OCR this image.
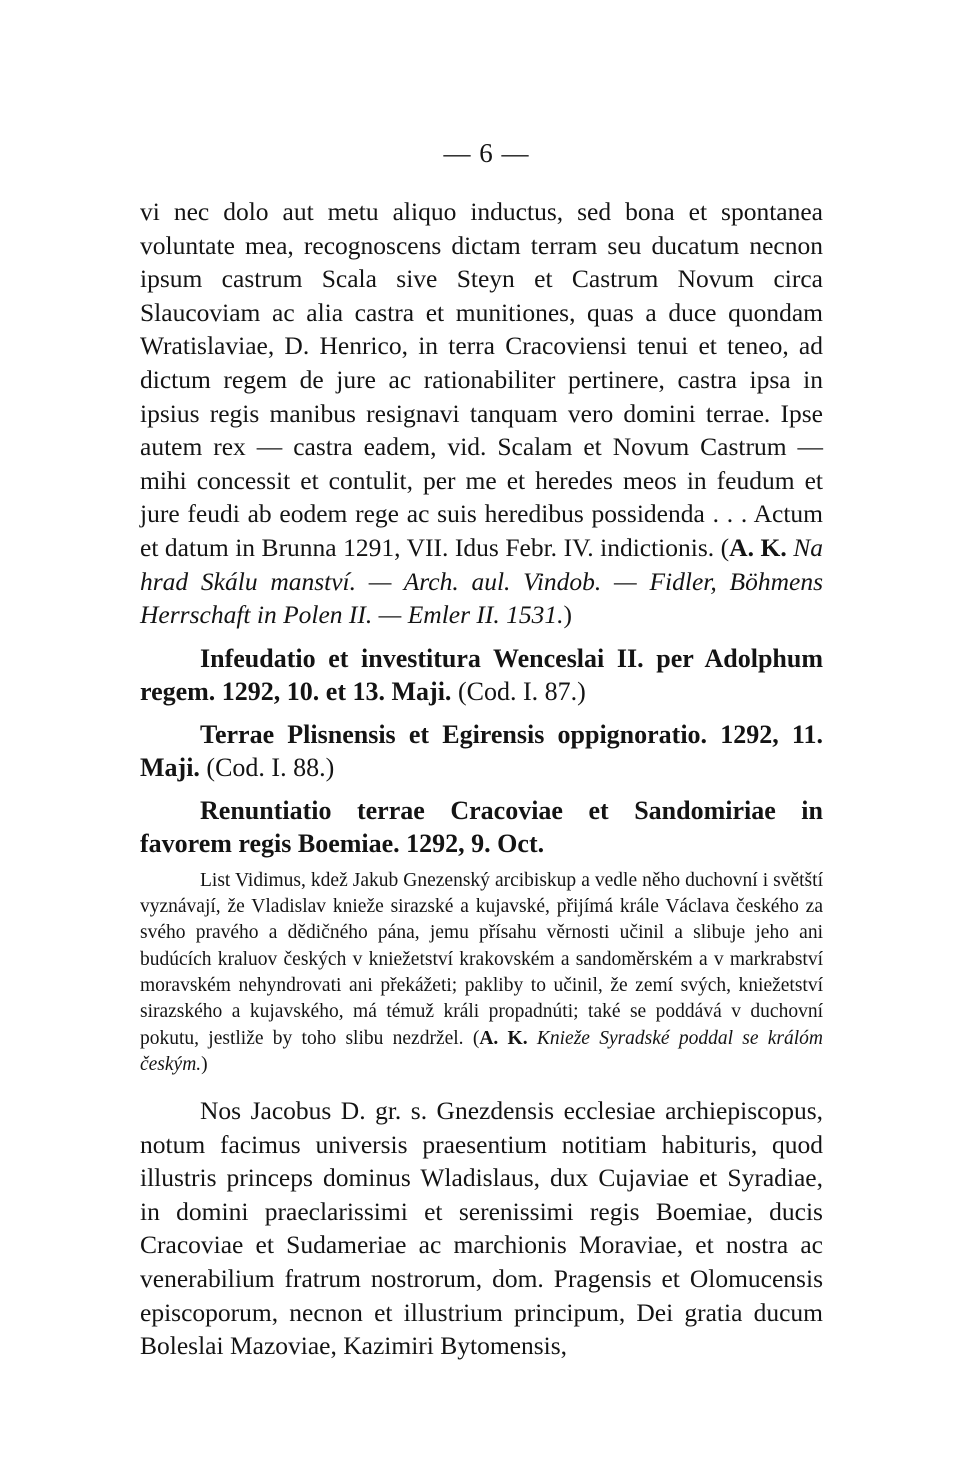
— 6 —

vi nec dolo aut metu aliquo inductus, sed bona et spontanea voluntate mea, recognoscens dictam terram seu ducatum necnon ipsum castrum Scala sive Steyn et Castrum Novum circa Slaucoviam ac alia castra et munitiones, quas a duce quondam Wratislaviae, D. Henrico, in terra Cracoviensi tenui et teneo, ad dictum regem de jure ac rationabiliter pertinere, castra ipsa in ipsius regis manibus resignavi tanquam vero domini terrae. Ipse autem rex — castra eadem, vid. Scalam et Novum Castrum — mihi concessit et contulit, per me et heredes meos in feudum et jure feudi ab eodem rege ac suis heredibus possidenda . . . Actum et datum in Brunna 1291, VII. Idus Febr. IV. indictionis. (A. K. Na hrad Skálu manství. — Arch. aul. Vindob. — Fidler, Böhmens Herrschaft in Polen II. — Emler II. 1531.)

Infeudatio et investitura Wenceslai II. per Adolphum regem. 1292, 10. et 13. Maji. (Cod. I. 87.)

Terrae Plisnensis et Egirensis oppignoratio. 1292, 11. Maji. (Cod. I. 88.)

Renuntiatio terrae Cracoviae et Sandomiriae in favorem regis Boemiae. 1292, 9. Oct.

List Vidimus, kdež Jakub Gnezenský arcibiskup a vedle něho duchovní i světští vyznávají, že Vladislav knieže sirazské a kujavské, přijímá krále Václava českého za svého pravého a dědičného pána, jemu přísahu věrnosti učinil a slibuje jeho ani budúcích kraluov českých v kniežetství krakovském a sandoměrském a v markrabství moravském nehyndrovati ani překážeti; pakliby to učinil, že zemí svých, kniežetství sirazského a kujavského, má témuž králi propadnúti; také se poddává v duchovní pokutu, jestliže by toho slibu nezdržel. (A. K. Knieže Syradské poddal se králóm českým.)

Nos Jacobus D. gr. s. Gnezdensis ecclesiae archiepiscopus, notum facimus universis praesentium notitiam habituris, quod illustris princeps dominus Wladislaus, dux Cujaviae et Syradiae, in domini praeclarissimi et serenissimi regis Boemiae, ducis Cracoviae et Sudameriae ac marchionis Moraviae, et nostra ac venerabilium fratrum nostrorum, dom. Pragensis et Olomucensis episcoporum, necnon et illustrium principum, Dei gratia ducum Boleslai Mazoviae, Kazimiri Bytomensis,
